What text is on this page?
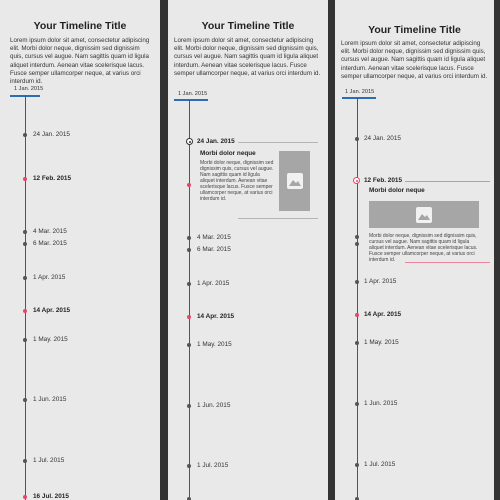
Your Timeline Title
Lorem ipsum dolor sit amet, consectetur adipiscing elit. Morbi dolor neque, dignissim sed dignissim quis, cursus vel augue. Nam sagittis quam id ligula aliquet interdum. Aenean vitae scelerisque lacus. Fusce semper ullamcorper neque, at varius orci interdum id.
1 Jan. 2015
24 Jan. 2015
12 Feb. 2015
4 Mar. 2015
6 Mar. 2015
1 Apr. 2015
14 Apr. 2015
1 May. 2015
1 Jun. 2015
1 Jul. 2015
16 Jul. 2015
Your Timeline Title
Lorem ipsum dolor sit amet, consectetur adipiscing elit. Morbi dolor neque, dignissim sed dignissim quis, cursus vel augue. Nam sagittis quam id ligula aliquet interdum. Aenean vitae scelerisque lacus. Fusce semper ullamcorper neque, at varius orci interdum id.
1 Jan. 2015
24 Jan. 2015
Morbi dolor neque
Morbi dolor neque, dignissim sed dignissim quis, cursus vel augue. Nam sagittis quam id ligula aliquet interdum. Aenean vitae scelerisque lacus. Fusce semper ullamcorper neque, at varius orci interdum id.
4 Mar. 2015
6 Mar. 2015
1 Apr. 2015
14 Apr. 2015
1 May. 2015
1 Jun. 2015
1 Jul. 2015
Your Timeline Title
Lorem ipsum dolor sit amet, consectetur adipiscing elit. Morbi dolor neque, dignissim sed dignissim quis, cursus vel augue. Nam sagittis quam id ligula aliquet interdum. Aenean vitae scelerisque lacus. Fusce semper ullamcorper neque, at varius orci interdum id.
1 Jan. 2015
24 Jan. 2015
12 Feb. 2015
Morbi dolor neque
Morbi dolor neque, dignissim sed dignissim quis, cursus vel augue. Nam sagittis quam id ligula aliquet interdum. Aenean vitae scelerisque lacus. Fusce semper ullamcorper neque, at varius orci interdum id.
1 Apr. 2015
14 Apr. 2015
1 May. 2015
1 Jun. 2015
1 Jul. 2015
